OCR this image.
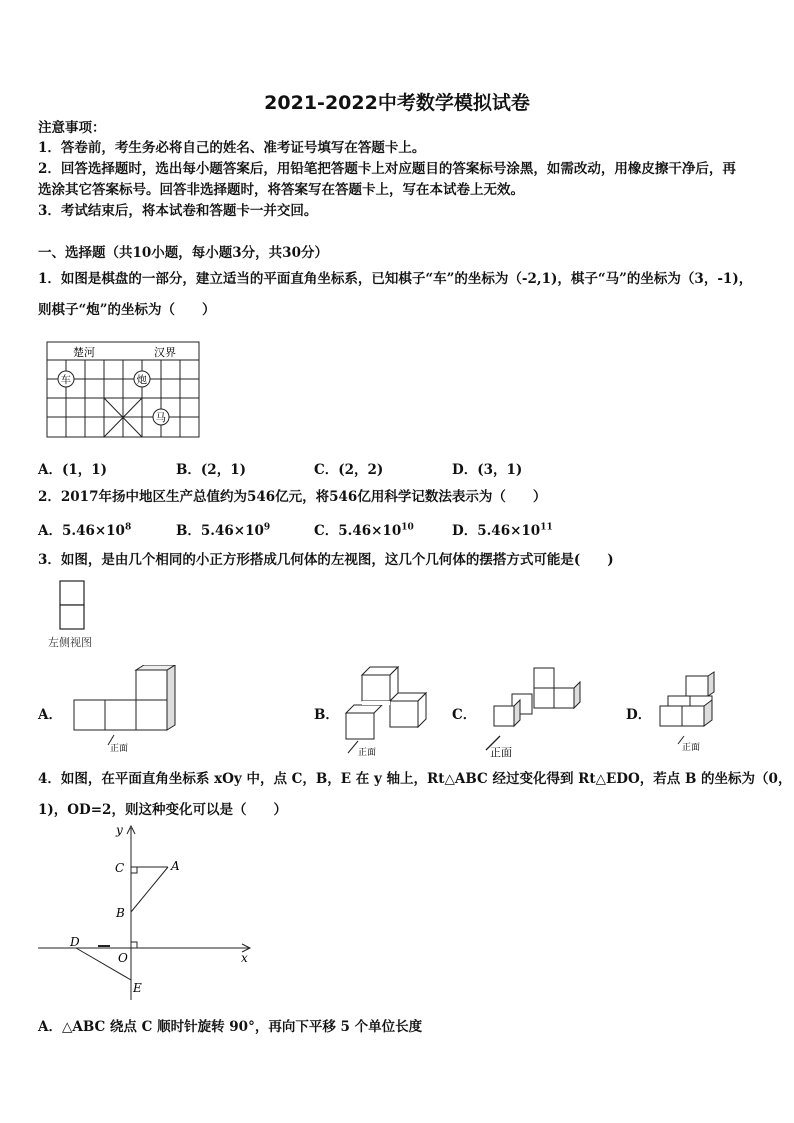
2021-2022中考数学模拟试卷
注意事项：
1．答卷前，考生务必将自己的姓名、准考证号填写在答题卡上。
2．回答选择题时，选出每小题答案后，用铅笔把答题卡上对应题目的答案标号涂黑，如需改动，用橡皮擦干净后，再
选涂其它答案标号。回答非选择题时，将答案写在答题卡上，写在本试卷上无效。
3．考试结束后，将本试卷和答题卡一并交回。
一、选择题（共10小题，每小题3分，共30分）
1．如图是棋盘的一部分，建立适当的平面直角坐标系，已知棋子“车”的坐标为（-2,1)，棋子“马”的坐标为（3，-1)，
则棋子“炮”的坐标为（　　）
楚河	汉界
车	炮
马
A．(1，1)	B．(2，1)	C．(2，2)	D．(3，1)
2．2017年扬中地区生产总值约为546亿元，将546亿用科学记数法表示为（　　）
A．$5.46\times 10^8$	B．$5.46\times 10^9$	C．$5.46\times 10^{10}$	D．$5.46\times 10^{11}$
3．如图，是由几个相同的小正方形搭成几何体的左视图，这几个几何体的摆搭方式可能是(　　)
左侧视图
A．
正面
B．
正面
C．
正面
D．
正面
4．如图，在平面直角坐标系 xOy 中，点 C，B，E 在 y 轴上，Rt△ABC 经过变化得到 Rt△EDO，若点 B 的坐标为（0，
1)，OD=2，则这种变化可以是（　　）
y
x
C	A
B
D
O
E
A．△ABC 绕点 C 顺时针旋转 90°，再向下平移 5 个单位长度
